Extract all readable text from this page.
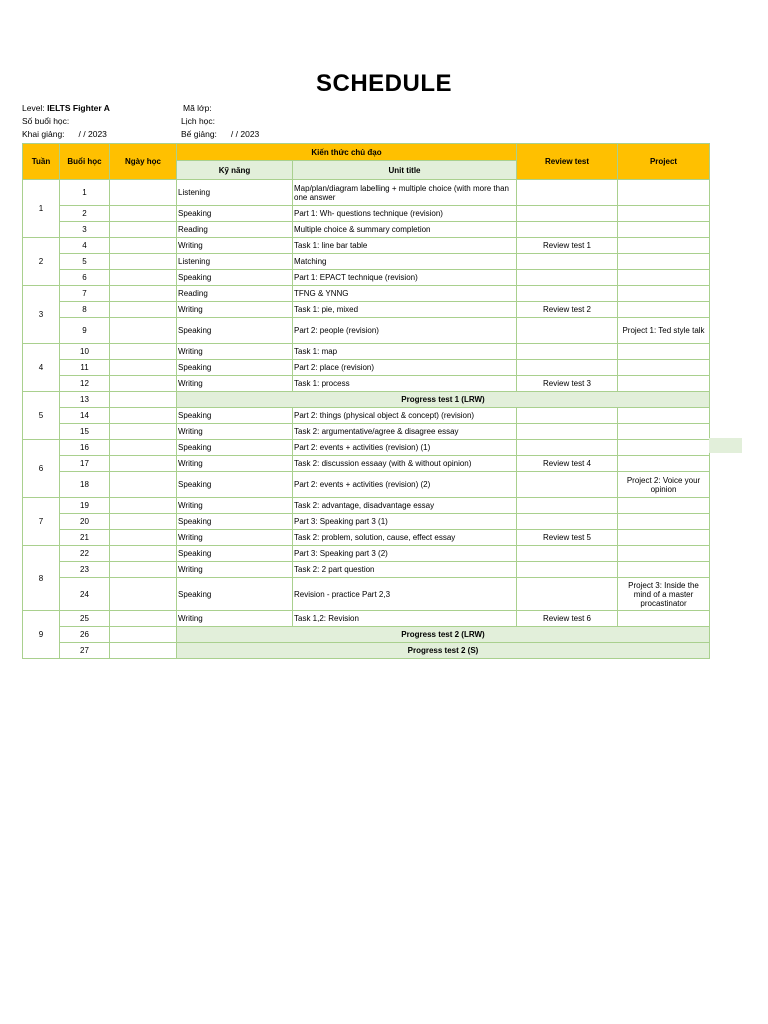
SCHEDULE
Level: IELTS Fighter A
Số buổi học:
Khai giảng: / / 2023
Mã lớp:
Lịch học:
Bế giảng: / / 2023
Tuần	Buổi học	Ngày học	Kiến thức chủ đạo		Review test	Project
			Kỹ năng	Unit title		
1	1		Listening	Map/plan/diagram labelling + multiple choice (with more than one answer		
	2		Speaking	Part 1: Wh- questions technique (revision)		
	3		Reading	Multiple choice & summary completion		
2	4		Writing	Task 1: line bar table	Review test 1	
	5		Listening	Matching		
	6		Speaking	Part 1: EPACT technique (revision)		
3	7		Reading	TFNG & YNNG		
	8		Writing	Task 1: pie, mixed	Review test 2	
	9		Speaking	Part 2: people (revision)		Project 1: Ted style talk
4	10		Writing	Task 1: map		
	11		Speaking	Part 2: place (revision)		
	12		Writing	Task 1: process	Review test 3	
5	13		Progress test 1 (LRW)			
	14		Speaking	Part 2: things (physical object & concept) (revision)		
	15		Writing	Task 2: argumentative/agree & disagree essay		
6	16		Speaking	Part 2: events + activities (revision) (1)		
	17		Writing	Task 2: discussion essaay (with & without opinion)	Review test 4	
	18		Speaking	Part 2: events + activities (revision) (2)		Project 2: Voice your opinion
7	19		Writing	Task 2: advantage, disadvantage essay		
	20		Speaking	Part 3: Speaking part 3 (1)		
	21		Writing	Task 2: problem, solution, cause, effect essay	Review test 5	
8	22		Speaking	Part 3: Speaking part 3 (2)		
	23		Writing	Task 2: 2 part question		
	24		Speaking	Revision - practice Part 2,3		Project 3: Inside the mind of a master procastinator
9	25		Writing	Task 1,2: Revision	Review test 6	
	26		Progress test 2 (LRW)			
	27		Progress test 2 (S)			
